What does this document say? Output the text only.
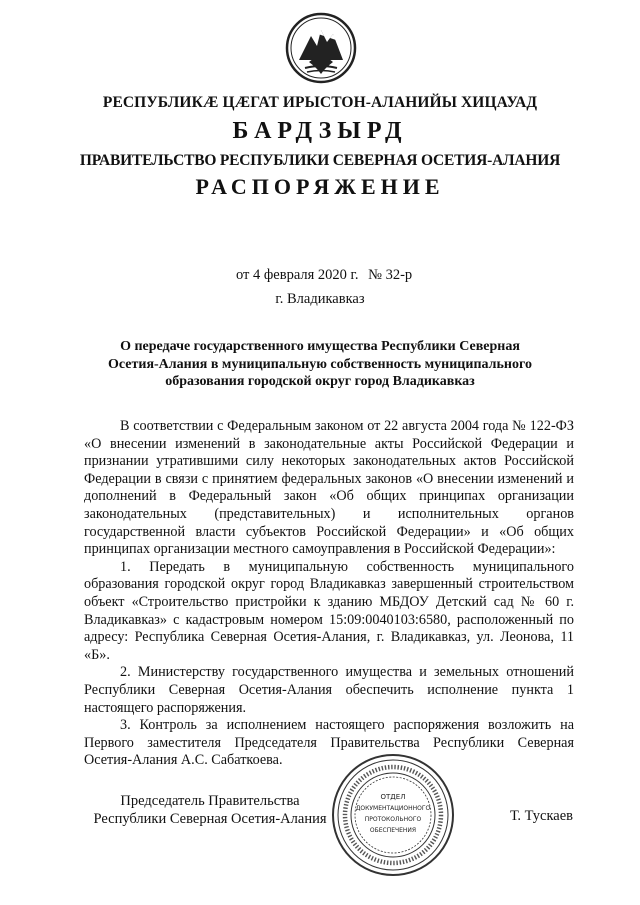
РЕСПУБЛИКӔ ЦӔГАТ ИРЫСТОН-АЛАНИЙЫ ХИЦАУАД
БАРДЗЫРД
ПРАВИТЕЛЬСТВО РЕСПУБЛИКИ СЕВЕРНАЯ ОСЕТИЯ-АЛАНИЯ
РАСПОРЯЖЕНИЕ
от 4 февраля 2020 г. № 32-р
г. Владикавказ
О передаче государственного имущества Республики Северная Осетия-Алания в муниципальную собственность муниципального образования городской округ город Владикавказ

В соответствии с Федеральным законом от 22 августа 2004 года № 122-ФЗ «О внесении изменений в законодательные акты Российской Федерации и признании утратившими силу некоторых законодательных актов Российской Федерации в связи с принятием федеральных законов «О внесении изменений и дополнений в Федеральный закон «Об общих принципах организации законодательных (представительных) и исполнительных органов государственной власти субъектов Российской Федерации» и «Об общих принципах организации местного самоуправления в Российской Федерации»:

1. Передать в муниципальную собственность муниципального образования городской округ город Владикавказ завершенный строительством объект «Строительство пристройки к зданию МБДОУ Детский сад № 60 г. Владикавказ» с кадастровым номером 15:09:0040103:6580, расположенный по адресу: Республика Северная Осетия-Алания, г. Владикавказ, ул. Леонова, 11 «Б».

2. Министерству государственного имущества и земельных отношений Республики Северная Осетия-Алания обеспечить исполнение пункта 1 настоящего распоряжения.

3. Контроль за исполнением настоящего распоряжения возложить на Первого заместителя Председателя Правительства Республики Северная Осетия-Алания А.С. Сабаткоева.

Председатель Правительства
Республики Северная Осетия-Алания
ОТДЕЛ
ДОКУМЕНТАЦИОННОГО
ПРОТОКОЛЬНОГО
ОБЕСПЕЧЕНИЯ
Т. Тускаев
